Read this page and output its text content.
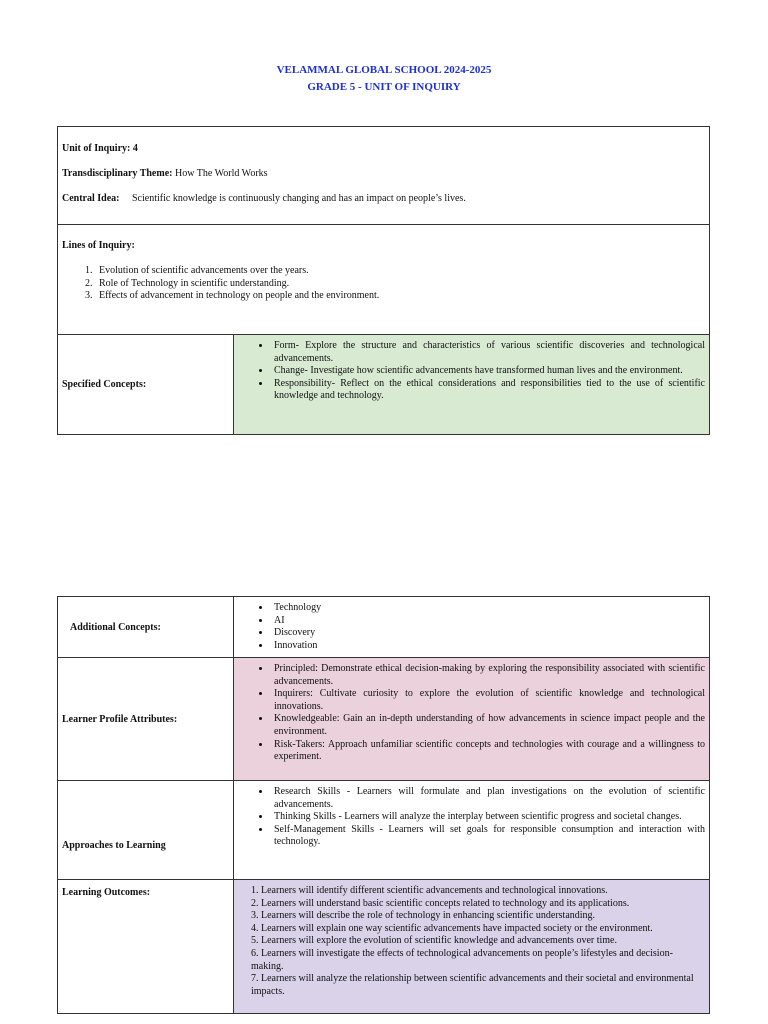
VELAMMAL GLOBAL SCHOOL 2024-2025
GRADE 5 - UNIT OF INQUIRY

Unit of Inquiry: 4

Transdisciplinary Theme: How The World Works

Central Idea: Scientific knowledge is continuously changing and has an impact on people’s lives.

Lines of Inquiry:

1. Evolution of scientific advancements over the years.
2. Role of Technology in scientific understanding.
3. Effects of advancement in technology on people and the environment.
Specified Concepts:
• Form- Explore the structure and characteristics of various scientific discoveries and technological advancements.
• Change- Investigate how scientific advancements have transformed human lives and the environment.
• Responsibility- Reflect on the ethical considerations and responsibilities tied to the use of scientific knowledge and technology.
Additional Concepts:
• Technology
• AI
• Discovery
• Innovation
Learner Profile Attributes:
• Principled: Demonstrate ethical decision-making by exploring the responsibility associated with scientific advancements.
• Inquirers: Cultivate curiosity to explore the evolution of scientific knowledge and technological innovations.
• Knowledgeable: Gain an in-depth understanding of how advancements in science impact people and the environment.
• Risk-Takers: Approach unfamiliar scientific concepts and technologies with courage and a willingness to experiment.
Approaches to Learning
• Research Skills - Learners will formulate and plan investigations on the evolution of scientific advancements.
• Thinking Skills - Learners will analyze the interplay between scientific progress and societal changes.
• Self-Management Skills - Learners will set goals for responsible consumption and interaction with technology.
Learning Outcomes:	1. Learners will identify different scientific advancements and technological innovations.
2. Learners will understand basic scientific concepts related to technology and its applications.
3. Learners will describe the role of technology in enhancing scientific understanding.
4. Learners will explain one way scientific advancements have impacted society or the environment.
5. Learners will explore the evolution of scientific knowledge and advancements over time.
6. Learners will investigate the effects of technological advancements on people’s lifestyles and decision-making.
7. Learners will analyze the relationship between scientific advancements and their societal and environmental impacts.
